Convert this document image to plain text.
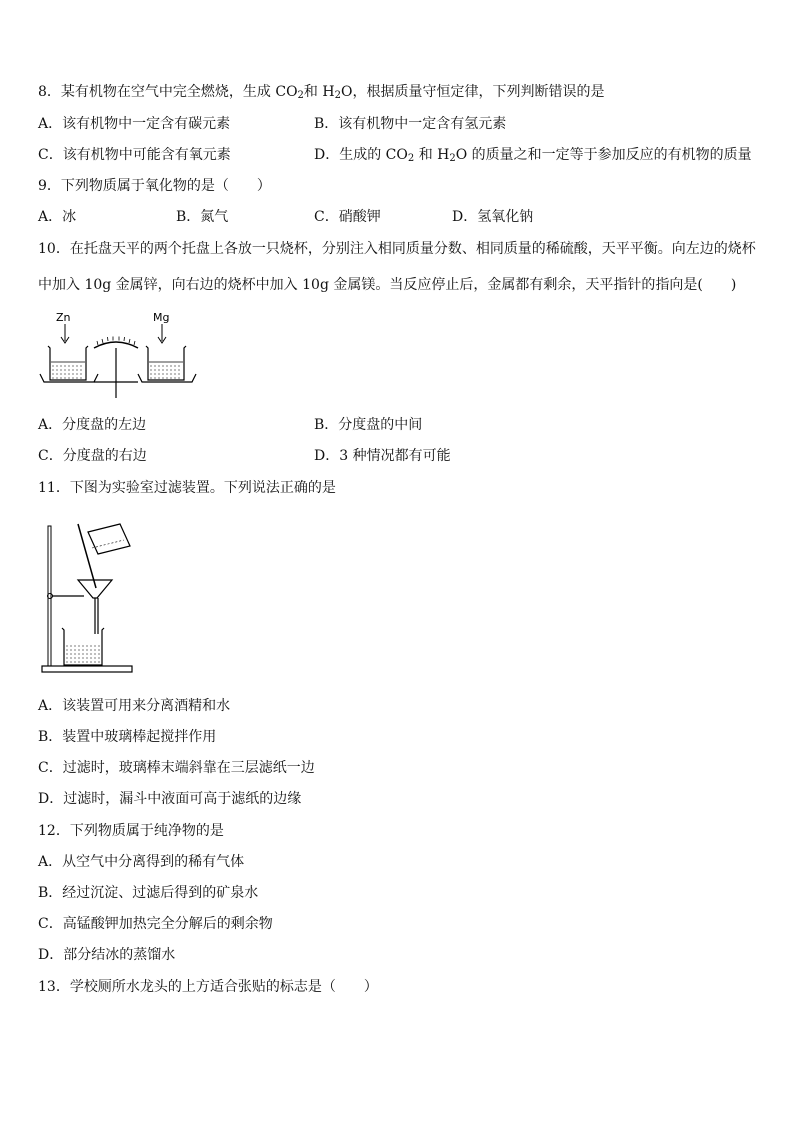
8．某有机物在空气中完全燃烧，生成 $CO_2$和 $H_2O$，根据质量守恒定律，下列判断错误的是
A．该有机物中一定含有碳元素	B．该有机物中一定含有氢元素
C．该有机物中可能含有氧元素	D．生成的 $CO_2$ 和 $H_2O$ 的质量之和一定等于参加反应的有机物的质量
9．下列物质属于氧化物的是（　　）
A．冰	B．氮气	C．硝酸钾	D．氢氧化钠
10．在托盘天平的两个托盘上各放一只烧杯，分别注入相同质量分数、相同质量的稀硫酸，天平平衡。向左边的烧杯
中加入 10g 金属锌，向右边的烧杯中加入 10g 金属镁。当反应停止后，金属都有剩余，天平指针的指向是(　　)
Zn	Mg
A．分度盘的左边	B．分度盘的中间
C．分度盘的右边	D．3 种情况都有可能
11．下图为实验室过滤装置。下列说法正确的是
A．该装置可用来分离酒精和水
B．装置中玻璃棒起搅拌作用
C．过滤时，玻璃棒末端斜靠在三层滤纸一边
D．过滤时，漏斗中液面可高于滤纸的边缘
12．下列物质属于纯净物的是
A．从空气中分离得到的稀有气体
B．经过沉淀、过滤后得到的矿泉水
C．高锰酸钾加热完全分解后的剩余物
D．部分结冰的蒸馏水
13．学校厕所水龙头的上方适合张贴的标志是（　　）
